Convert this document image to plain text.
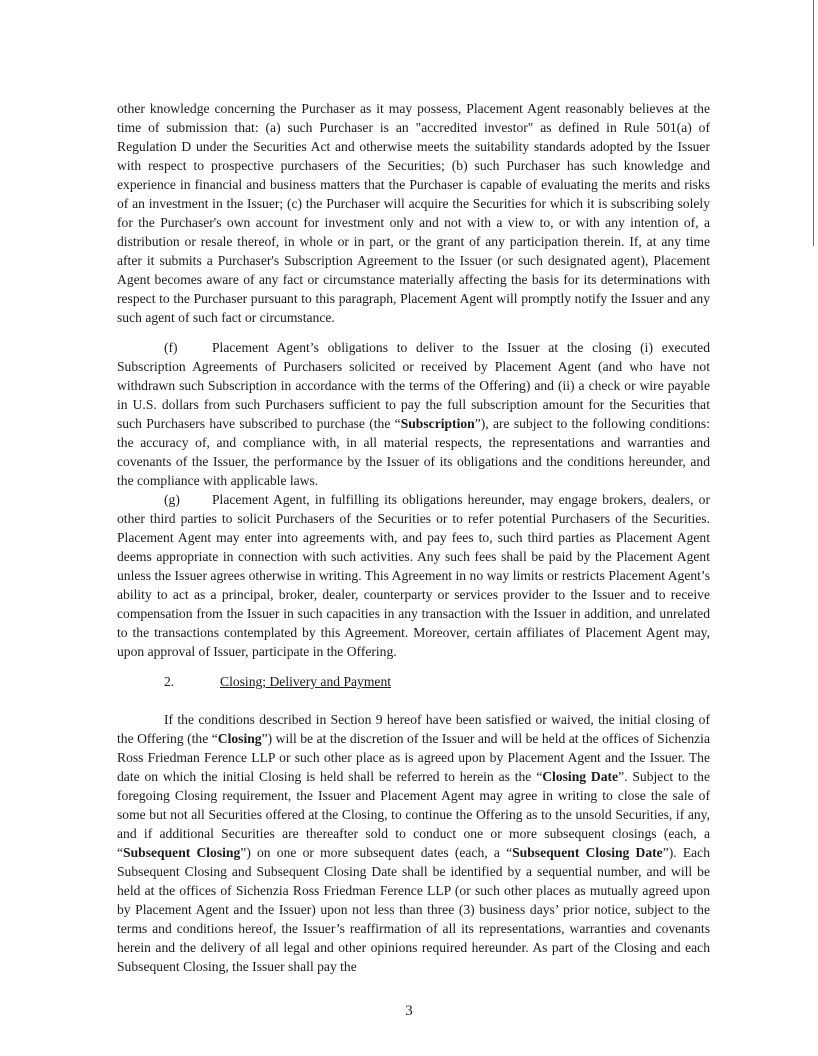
other knowledge concerning the Purchaser as it may possess, Placement Agent reasonably believes at the time of submission that: (a) such Purchaser is an "accredited investor" as defined in Rule 501(a) of Regulation D under the Securities Act and otherwise meets the suitability standards adopted by the Issuer with respect to prospective purchasers of the Securities; (b) such Purchaser has such knowledge and experience in financial and business matters that the Purchaser is capable of evaluating the merits and risks of an investment in the Issuer; (c) the Purchaser will acquire the Securities for which it is subscribing solely for the Purchaser's own account for investment only and not with a view to, or with any intention of, a distribution or resale thereof, in whole or in part, or the grant of any participation therein. If, at any time after it submits a Purchaser's Subscription Agreement to the Issuer (or such designated agent), Placement Agent becomes aware of any fact or circumstance materially affecting the basis for its determinations with respect to the Purchaser pursuant to this paragraph, Placement Agent will promptly notify the Issuer and any such agent of such fact or circumstance.

(f)	Placement Agent’s obligations to deliver to the Issuer at the closing (i) executed Subscription Agreements of Purchasers solicited or received by Placement Agent (and who have not withdrawn such Subscription in accordance with the terms of the Offering) and (ii) a check or wire payable in U.S. dollars from such Purchasers sufficient to pay the full subscription amount for the Securities that such Purchasers have subscribed to purchase (the “Subscription”), are subject to the following conditions: the accuracy of, and compliance with, in all material respects, the representations and warranties and covenants of the Issuer, the performance by the Issuer of its obligations and the conditions hereunder, and the compliance with applicable laws.

(g) Placement Agent, in fulfilling its obligations hereunder, may engage brokers, dealers, or other third parties to solicit Purchasers of the Securities or to refer potential Purchasers of the Securities. Placement Agent may enter into agreements with, and pay fees to, such third parties as Placement Agent deems appropriate in connection with such activities. Any such fees shall be paid by the Placement Agent unless the Issuer agrees otherwise in writing. This Agreement in no way limits or restricts Placement Agent’s ability to act as a principal, broker, dealer, counterparty or services provider to the Issuer and to receive compensation from the Issuer in such capacities in any transaction with the Issuer in addition, and unrelated to the transactions contemplated by this Agreement. Moreover, certain affiliates of Placement Agent may, upon approval of Issuer, participate in the Offering.

2.	Closing; Delivery and Payment

If the conditions described in Section 9 hereof have been satisfied or waived, the initial closing of the Offering (the “Closing”) will be at the discretion of the Issuer and will be held at the offices of Sichenzia Ross Friedman Ference LLP or such other place as is agreed upon by Placement Agent and the Issuer. The date on which the initial Closing is held shall be referred to herein as the “Closing Date”. Subject to the foregoing Closing requirement, the Issuer and Placement Agent may agree in writing to close the sale of some but not all Securities offered at the Closing, to continue the Offering as to the unsold Securities, if any, and if additional Securities are thereafter sold to conduct one or more subsequent closings (each, a “Subsequent Closing”) on one or more subsequent dates (each, a “Subsequent Closing Date”). Each Subsequent Closing and Subsequent Closing Date shall be identified by a sequential number, and will be held at the offices of Sichenzia Ross Friedman Ference LLP (or such other places as mutually agreed upon by Placement Agent and the Issuer) upon not less than three (3) business days’ prior notice, subject to the terms and conditions hereof, the Issuer’s reaffirmation of all its representations, warranties and covenants herein and the delivery of all legal and other opinions required hereunder. As part of the Closing and each Subsequent Closing, the Issuer shall pay the

3
